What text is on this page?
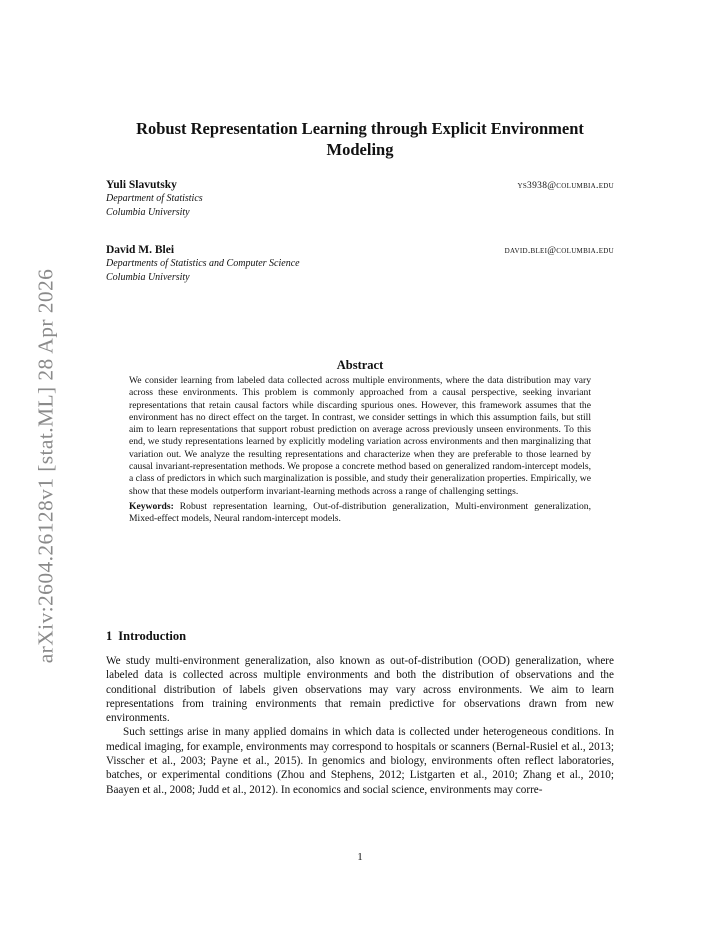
arXiv:2604.26128v1 [stat.ML] 28 Apr 2026
Robust Representation Learning through Explicit Environment Modeling
Yuli Slavutsky	ys3938@columbia.edu
Department of Statistics
Columbia University
David M. Blei	david.blei@columbia.edu
Departments of Statistics and Computer Science
Columbia University
Abstract

We consider learning from labeled data collected across multiple environments, where the data distribution may vary across these environments. This problem is commonly approached from a causal perspective, seeking invariant representations that retain causal factors while discarding spurious ones. However, this framework assumes that the environment has no direct effect on the target. In contrast, we consider settings in which this assumption fails, but still aim to learn representations that support robust prediction on average across previously unseen environments. To this end, we study representations learned by explicitly modeling variation across environments and then marginalizing that variation out. We analyze the resulting representations and characterize when they are preferable to those learned by causal invariant-representation methods. We propose a concrete method based on generalized random-intercept models, a class of predictors in which such marginalization is possible, and study their generalization properties. Empirically, we show that these models outperform invariant-learning methods across a range of challenging settings.

Keywords: Robust representation learning, Out-of-distribution generalization, Multi-environment generalization, Mixed-effect models, Neural random-intercept models.

1 Introduction

We study multi-environment generalization, also known as out-of-distribution (OOD) generalization, where labeled data is collected across multiple environments and both the distribution of observations and the conditional distribution of labels given observations may vary across environments. We aim to learn representations from training environments that remain predictive for observations drawn from new environments.

Such settings arise in many applied domains in which data is collected under heterogeneous conditions. In medical imaging, for example, environments may correspond to hospitals or scanners (Bernal-Rusiel et al., 2013; Visscher et al., 2003; Payne et al., 2015). In genomics and biology, environments often reflect laboratories, batches, or experimental conditions (Zhou and Stephens, 2012; Listgarten et al., 2010; Zhang et al., 2010; Baayen et al., 2008; Judd et al., 2012). In economics and social science, environments may corre-

1
